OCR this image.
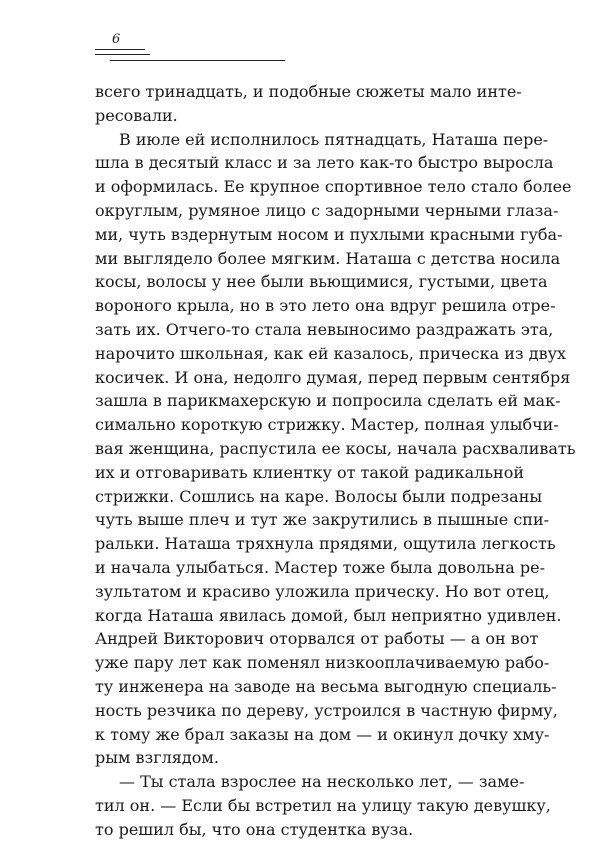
6
всего тринадцать, и подобные сюжеты мало инте-
ресовали.
В июле ей исполнилось пятнадцать, Наташа пере-
шла в десятый класс и за лето как-то быстро выросла
и оформилась. Ее крупное спортивное тело стало более
округлым, румяное лицо с задорными черными глаза-
ми, чуть вздернутым носом и пухлыми красными губа-
ми выглядело более мягким. Наташа с детства носила
косы, волосы у нее были вьющимися, густыми, цвета
вороного крыла, но в это лето она вдруг решила отре-
зать их. Отчего-то стала невыносимо раздражать эта,
нарочито школьная, как ей казалось, прическа из двух
косичек. И она, недолго думая, перед первым сентября
зашла в парикмахерскую и попросила сделать ей мак-
симально короткую стрижку. Мастер, полная улыбчи-
вая женщина, распустила ее косы, начала расхваливать
их и отговаривать клиентку от такой радикальной
стрижки. Сошлись на каре. Волосы были подрезаны
чуть выше плеч и тут же закрутились в пышные спи-
ральки. Наташа тряхнула прядями, ощутила легкость
и начала улыбаться. Мастер тоже была довольна ре-
зультатом и красиво уложила прическу. Но вот отец,
когда Наташа явилась домой, был неприятно удивлен.
Андрей Викторович оторвался от работы — а он вот
уже пару лет как поменял низкооплачиваемую рабо-
ту инженера на заводе на весьма выгодную специаль-
ность резчика по дереву, устроился в частную фирму,
к тому же брал заказы на дом — и окинул дочку хму-
рым взглядом.
— Ты стала взрослее на несколько лет, — заме-
тил он. — Если бы встретил на улицу такую девушку,
то решил бы, что она студентка вуза.
